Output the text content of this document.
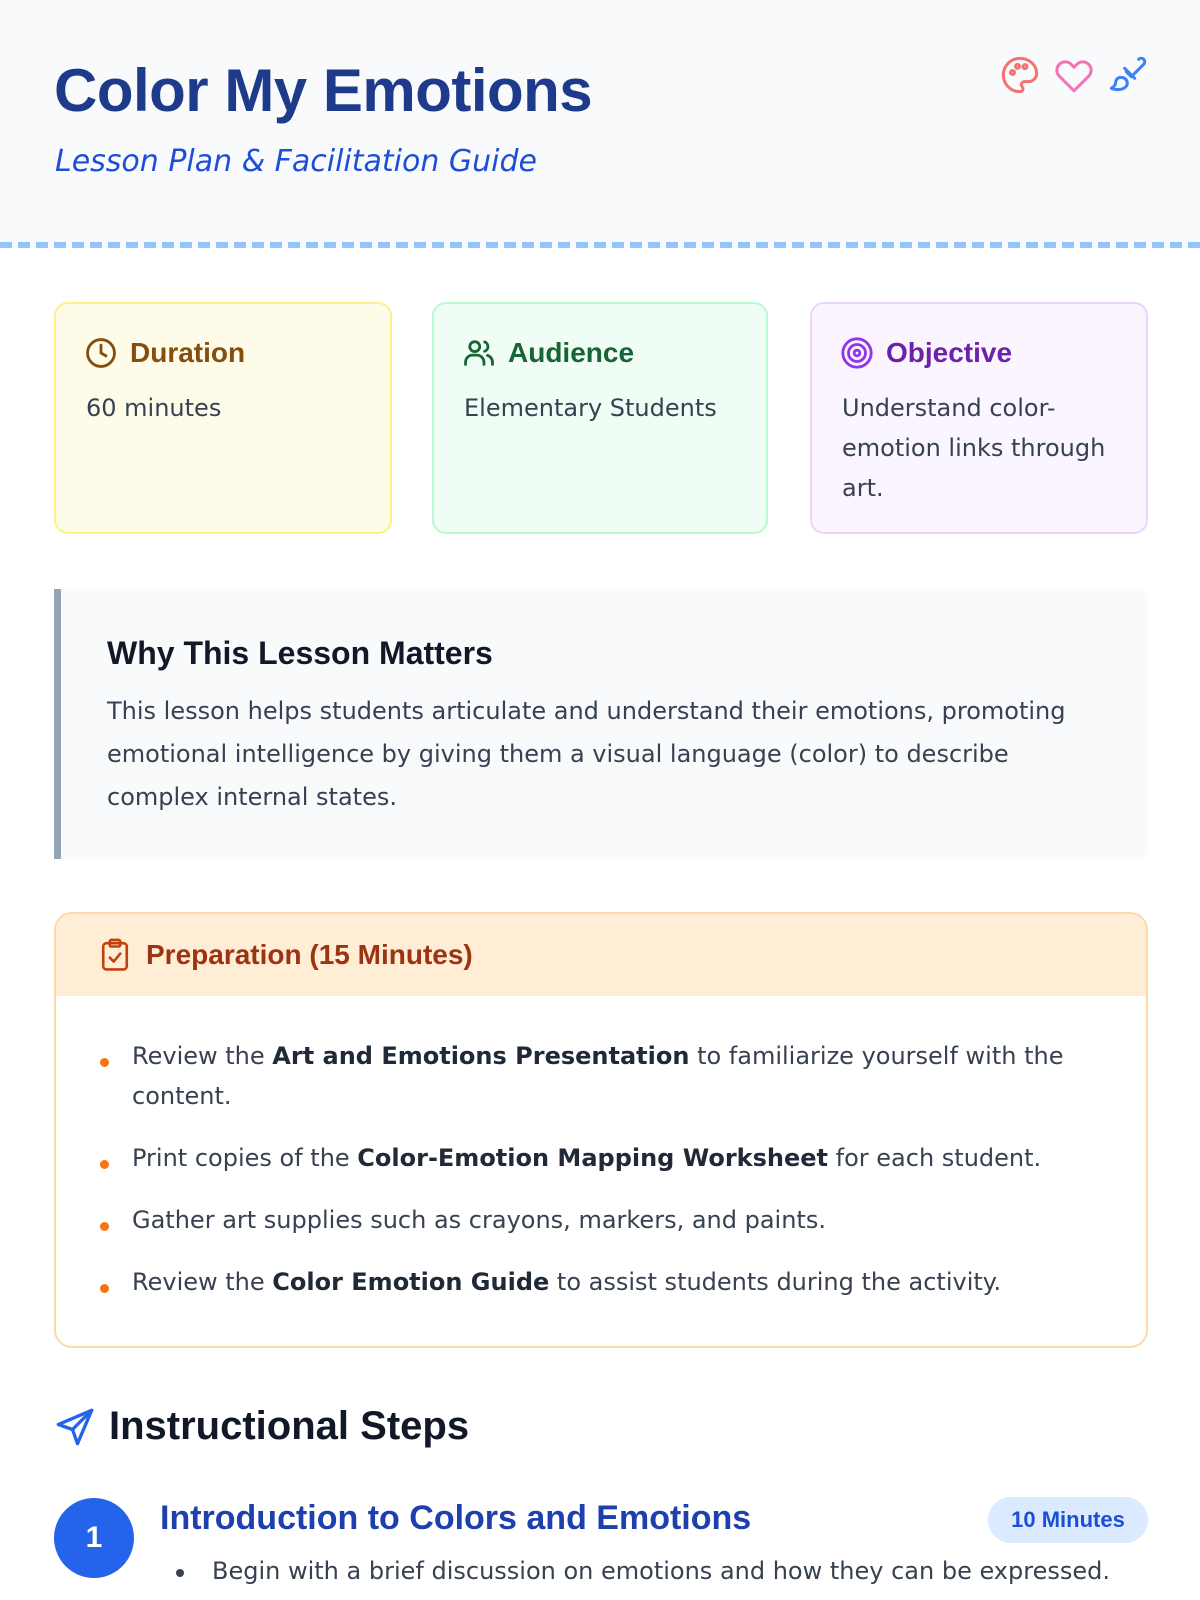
Color My Emotions
Lesson Plan & Facilitation Guide
Duration
60 minutes
Audience
Elementary Students
Objective
Understand color-emotion links through art.
Why This Lesson Matters

This lesson helps students articulate and understand their emotions, promoting emotional intelligence by giving them a visual language (color) to describe complex internal states.

Preparation (15 Minutes)
Review the Art and Emotions Presentation to familiarize yourself with the content.
Print copies of the Color-Emotion Mapping Worksheet for each student.
Gather art supplies such as crayons, markers, and paints.
Review the Color Emotion Guide to assist students during the activity.
Instructional Steps
1
Introduction to Colors and Emotions	10 Minutes
Begin with a brief discussion on emotions and how they can be expressed.
